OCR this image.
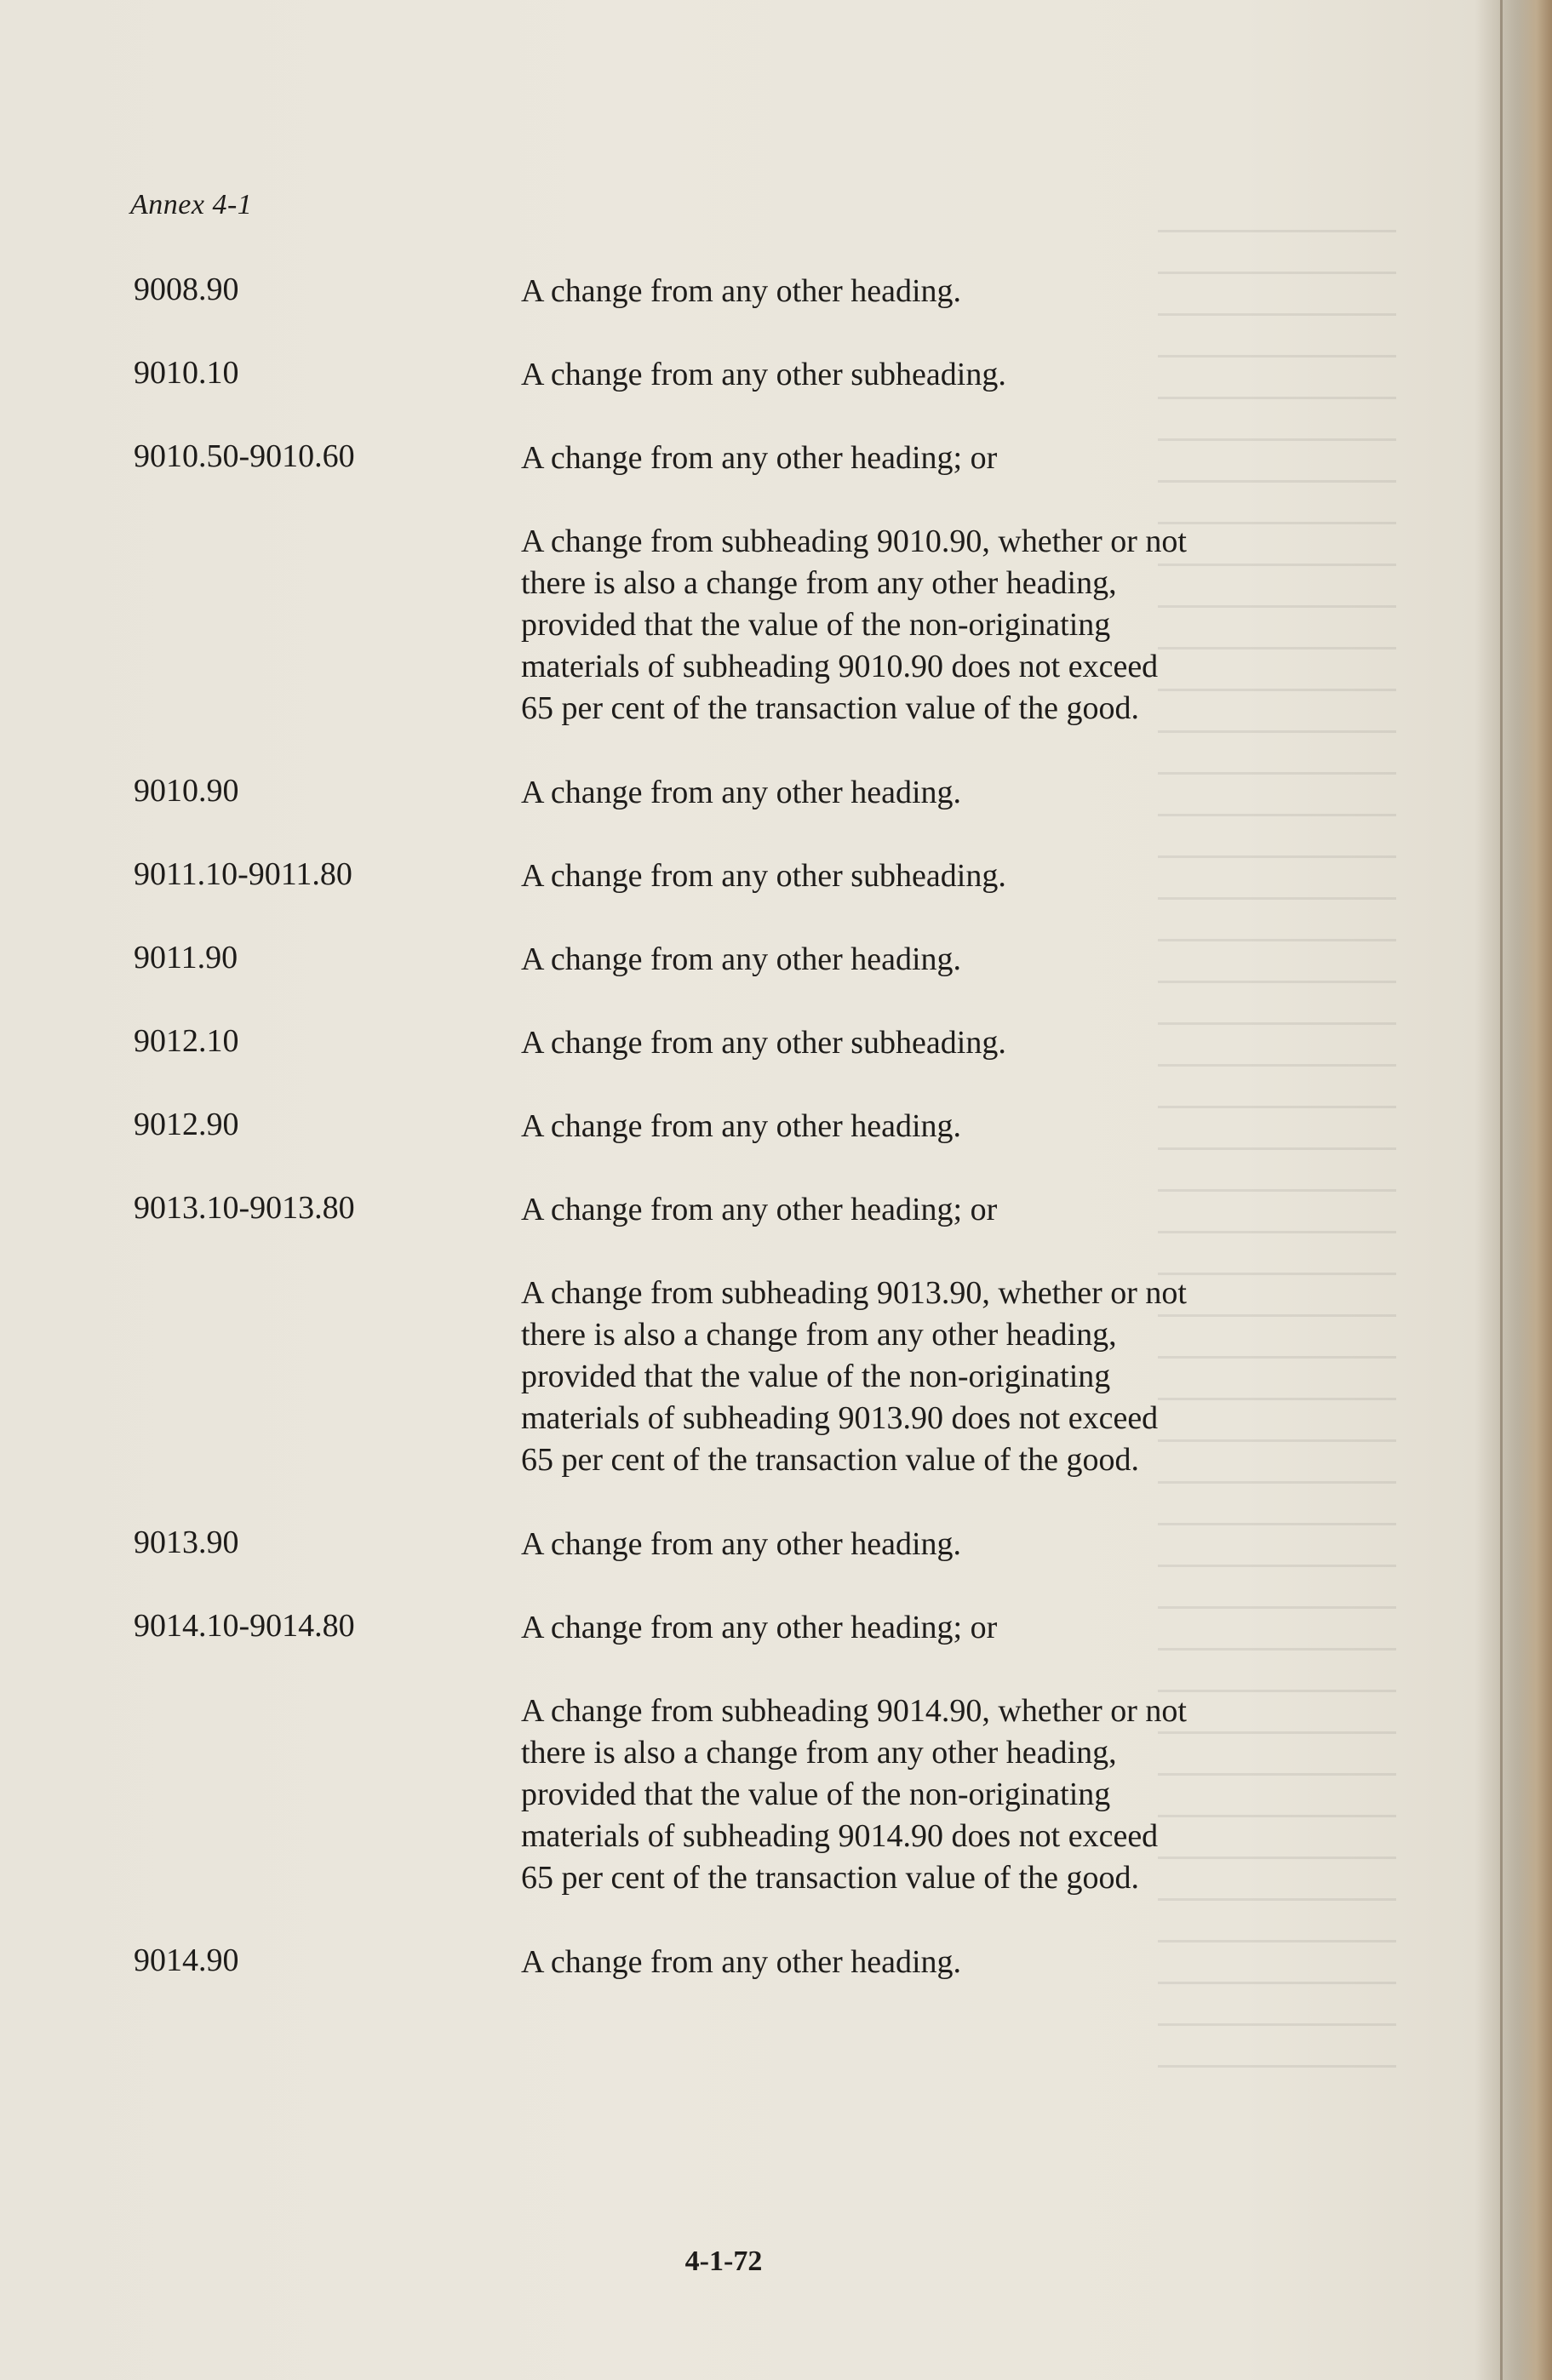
Annex 4-1
9008.90	A change from any other heading.

9010.10	A change from any other subheading.

9010.50-9010.60	A change from any other heading; or

A change from subheading 9010.90, whether or not

there is also a change from any other heading,

provided that the value of the non-originating

materials of subheading 9010.90 does not exceed

65 per cent of the transaction value of the good.

9010.90	A change from any other heading.

9011.10-9011.80	A change from any other subheading.

9011.90	A change from any other heading.

9012.10	A change from any other subheading.

9012.90	A change from any other heading.

9013.10-9013.80	A change from any other heading; or

A change from subheading 9013.90, whether or not

there is also a change from any other heading,

provided that the value of the non-originating

materials of subheading 9013.90 does not exceed

65 per cent of the transaction value of the good.

9013.90	A change from any other heading.

9014.10-9014.80	A change from any other heading; or

A change from subheading 9014.90, whether or not

there is also a change from any other heading,

provided that the value of the non-originating

materials of subheading 9014.90 does not exceed

65 per cent of the transaction value of the good.

9014.90	A change from any other heading.

4-1-72
